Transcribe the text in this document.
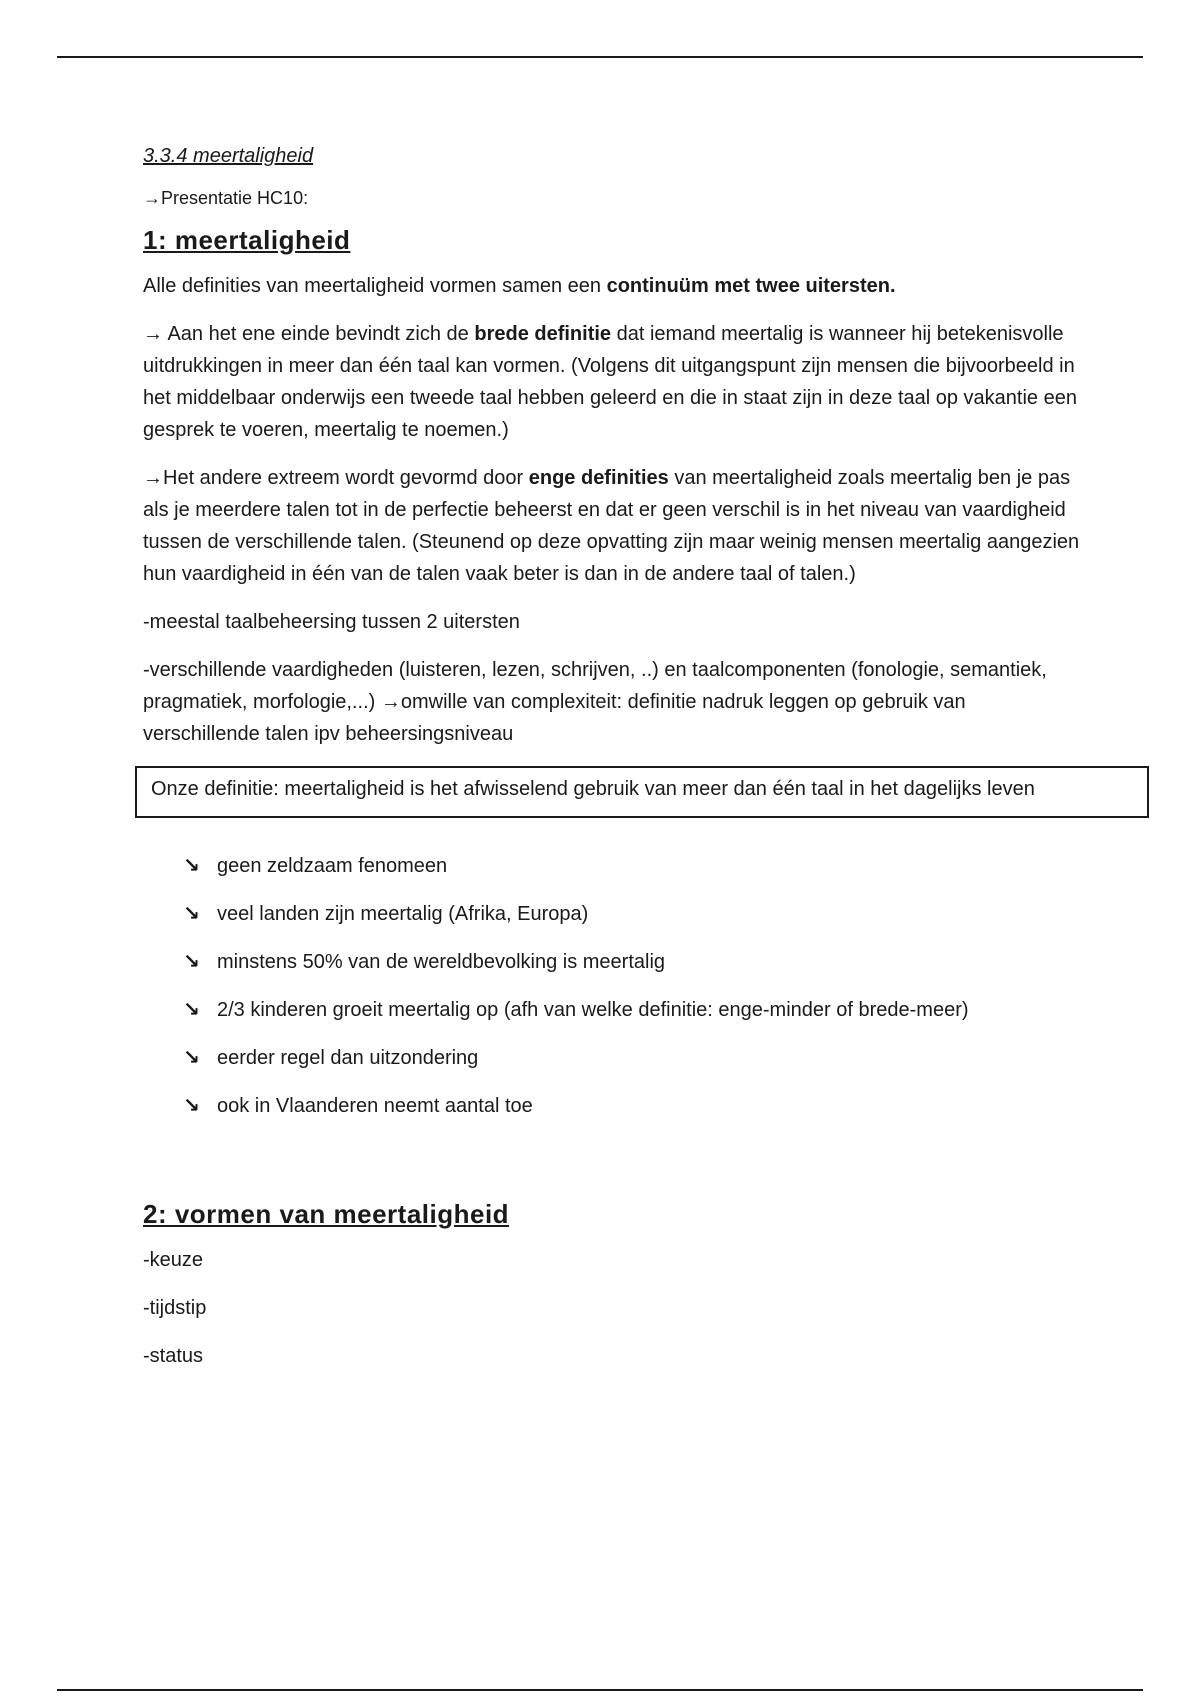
3.3.4 meertaligheid
→Presentatie HC10:
1: meertaligheid

Alle definities van meertaligheid vormen samen een continuüm met twee uitersten.

→ Aan het ene einde bevindt zich de brede definitie dat iemand meertalig is wanneer hij betekenisvolle uitdrukkingen in meer dan één taal kan vormen. (Volgens dit uitgangspunt zijn mensen die bijvoorbeeld in het middelbaar onderwijs een tweede taal hebben geleerd en die in staat zijn in deze taal op vakantie een gesprek te voeren, meertalig te noemen.)

→Het andere extreem wordt gevormd door enge definities van meertaligheid zoals meertalig ben je pas als je meerdere talen tot in de perfectie beheerst en dat er geen verschil is in het niveau van vaardigheid tussen de verschillende talen. (Steunend op deze opvatting zijn maar weinig mensen meertalig aangezien hun vaardigheid in één van de talen vaak beter is dan in de andere taal of talen.)

-meestal taalbeheersing tussen 2 uitersten

-verschillende vaardigheden (luisteren, lezen, schrijven, ..) en taalcomponenten (fonologie, semantiek, pragmatiek, morfologie,...) →omwille van complexiteit: definitie nadruk leggen op gebruik van verschillende talen ipv beheersingsniveau

Onze definitie: meertaligheid is het afwisselend gebruik van meer dan één taal in het dagelijks leven
↘ geen zeldzaam fenomeen
↘ veel landen zijn meertalig (Afrika, Europa)
↘ minstens 50% van de wereldbevolking is meertalig
↘ 2/3 kinderen groeit meertalig op (afh van welke definitie: enge-minder of brede-meer)
↘ eerder regel dan uitzondering
↘ ook in Vlaanderen neemt aantal toe
2: vormen van meertaligheid
-keuze
-tijdstip
-status
